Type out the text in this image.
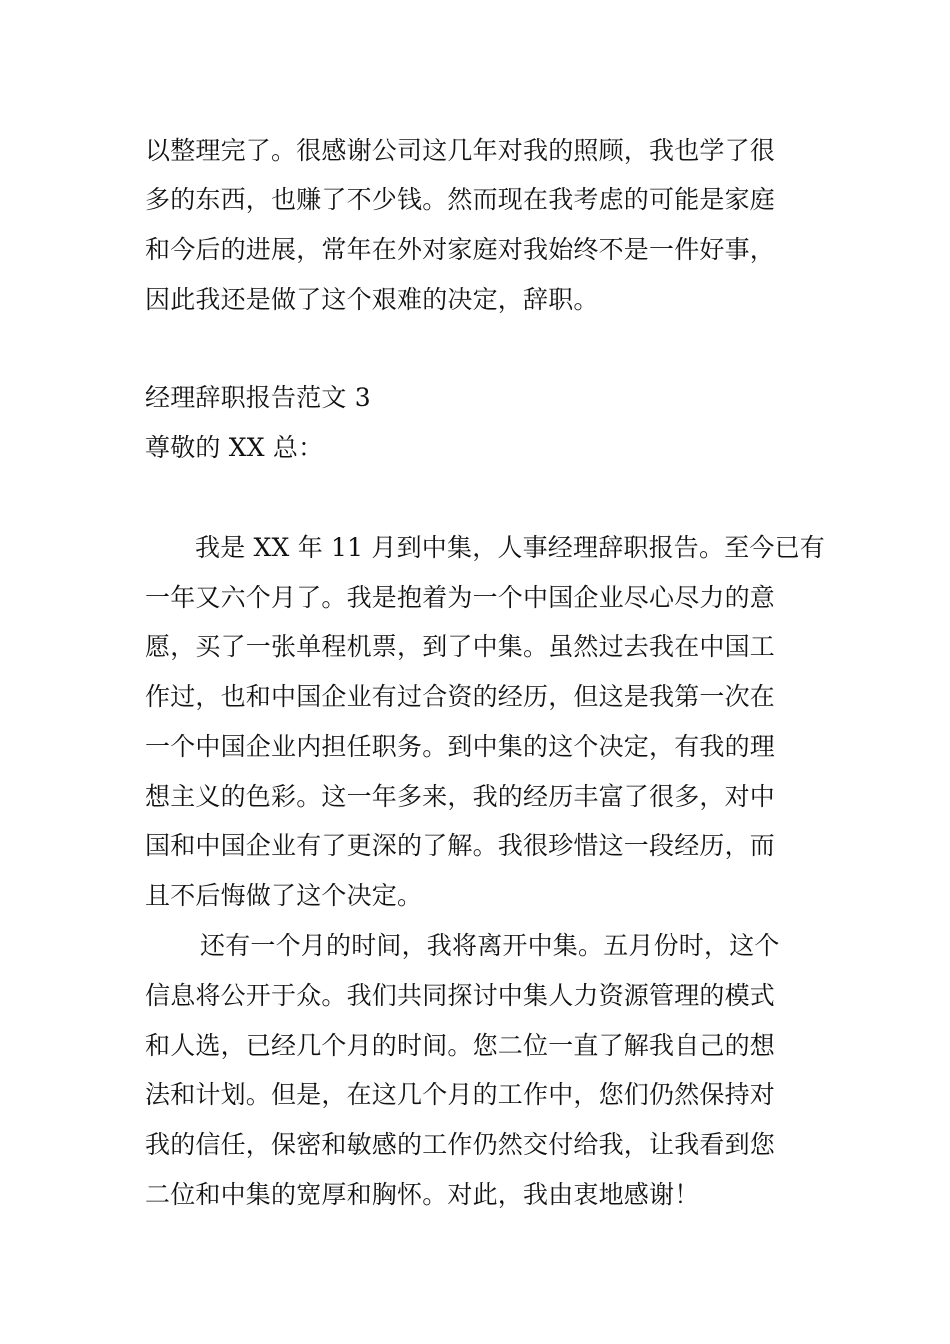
以整理完了。很感谢公司这几年对我的照顾，我也学了很
多的东西，也赚了不少钱。然而现在我考虑的可能是家庭
和今后的进展，常年在外对家庭对我始终不是一件好事，
因此我还是做了这个艰难的决定，辞职。
经理辞职报告范文 3
尊敬的 XX 总：
我是 XX 年 11 月到中集，人事经理辞职报告。至今已有
一年又六个月了。我是抱着为一个中国企业尽心尽力的意
愿，买了一张单程机票，到了中集。虽然过去我在中国工
作过，也和中国企业有过合资的经历，但这是我第一次在
一个中国企业内担任职务。到中集的这个决定，有我的理
想主义的色彩。这一年多来，我的经历丰富了很多，对中
国和中国企业有了更深的了解。我很珍惜这一段经历，而
且不后悔做了这个决定。
还有一个月的时间，我将离开中集。五月份时，这个
信息将公开于众。我们共同探讨中集人力资源管理的模式
和人选，已经几个月的时间。您二位一直了解我自己的想
法和计划。但是，在这几个月的工作中，您们仍然保持对
我的信任，保密和敏感的工作仍然交付给我，让我看到您
二位和中集的宽厚和胸怀。对此，我由衷地感谢！
